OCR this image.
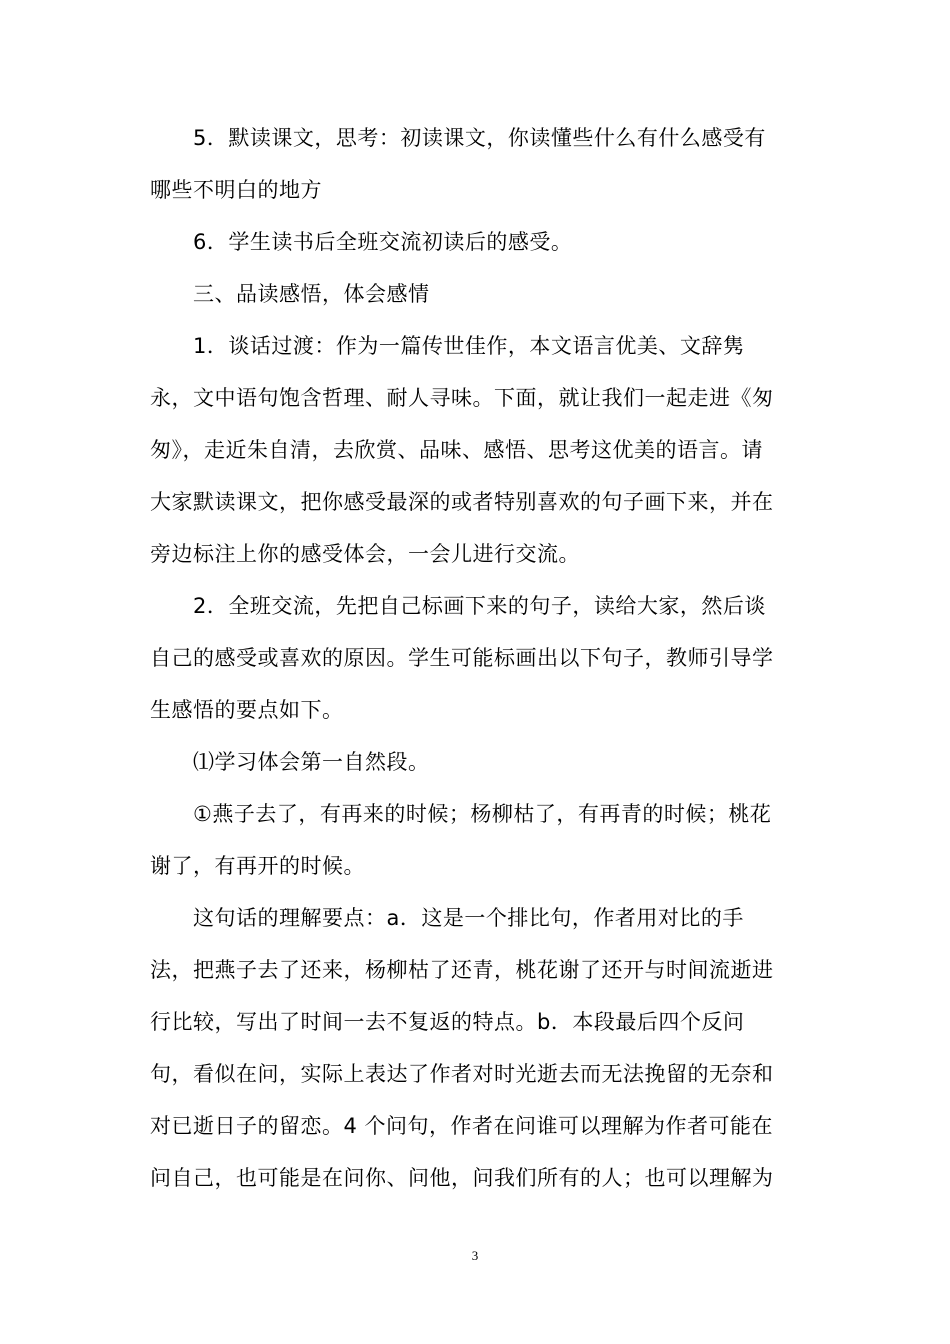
5．默读课文，思考：初读课文，你读懂些什么有什么感受有
哪些不明白的地方
6．学生读书后全班交流初读后的感受。
三、品读感悟，体会感情
1．谈话过渡：作为一篇传世佳作，本文语言优美、文辞隽
永，文中语句饱含哲理、耐人寻味。下面，就让我们一起走进《匆
匆》，走近朱自清，去欣赏、品味、感悟、思考这优美的语言。请
大家默读课文，把你感受最深的或者特别喜欢的句子画下来，并在
旁边标注上你的感受体会，一会儿进行交流。
2．全班交流，先把自己标画下来的句子，读给大家，然后谈
自己的感受或喜欢的原因。学生可能标画出以下句子，教师引导学
生感悟的要点如下。
⑴学习体会第一自然段。
①燕子去了，有再来的时候；杨柳枯了，有再青的时候；桃花
谢了，有再开的时候。
这句话的理解要点：a．这是一个排比句，作者用对比的手
法，把燕子去了还来，杨柳枯了还青，桃花谢了还开与时间流逝进
行比较，写出了时间一去不复返的特点。b．本段最后四个反问
句，看似在问，实际上表达了作者对时光逝去而无法挽留的无奈和
对已逝日子的留恋。4 个问句，作者在问谁可以理解为作者可能在
问自己，也可能是在问你、问他，问我们所有的人；也可以理解为
3
